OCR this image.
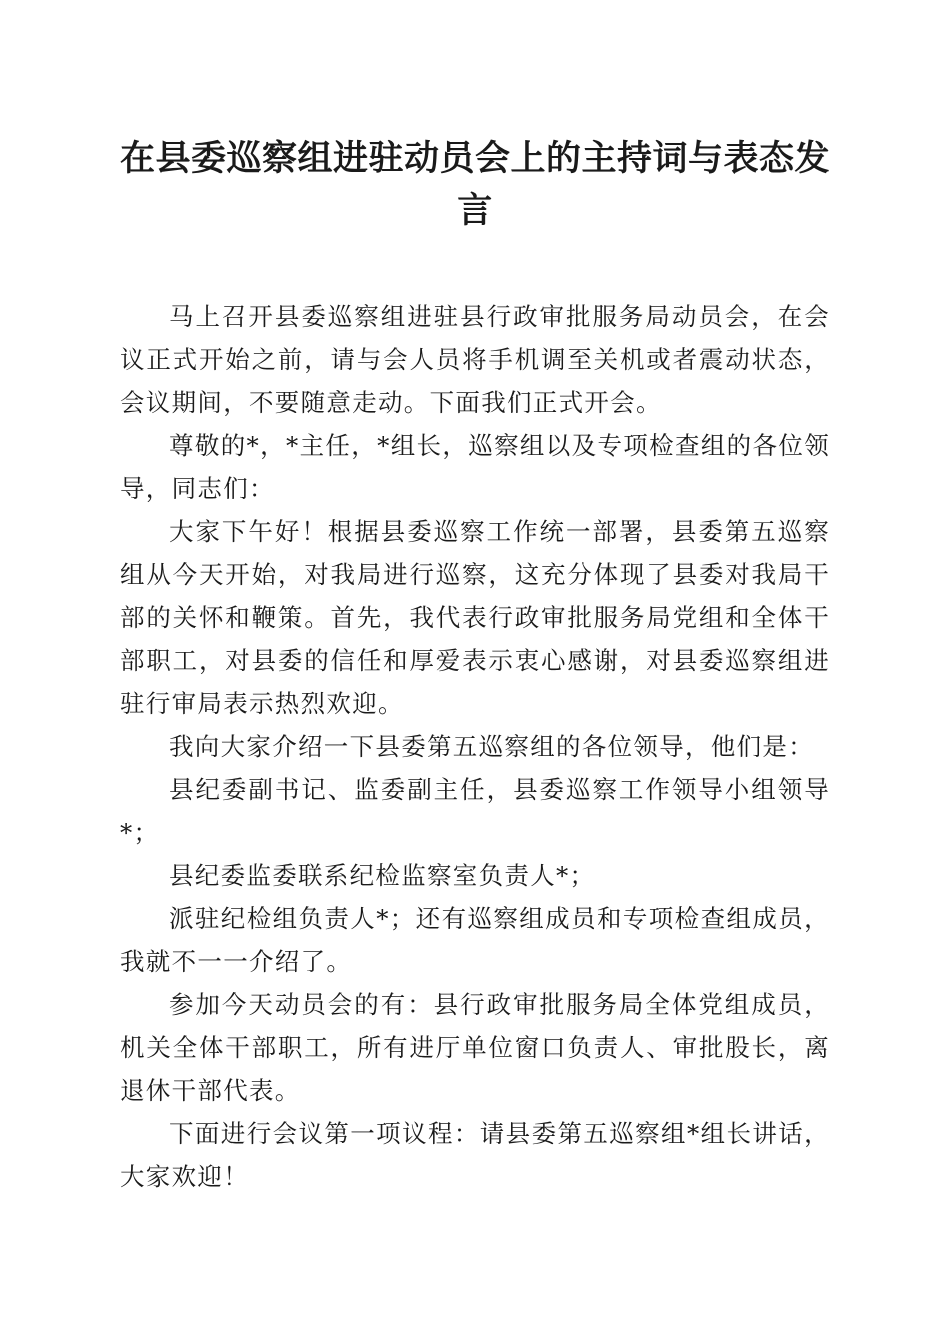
在县委巡察组进驻动员会上的主持词与表态发言

马上召开县委巡察组进驻县行政审批服务局动员会，在会议正式开始之前，请与会人员将手机调至关机或者震动状态，会议期间，不要随意走动。下面我们正式开会。

尊敬的*，*主任，*组长，巡察组以及专项检查组的各位领导，同志们：

大家下午好！根据县委巡察工作统一部署，县委第五巡察组从今天开始，对我局进行巡察，这充分体现了县委对我局干部的关怀和鞭策。首先，我代表行政审批服务局党组和全体干部职工，对县委的信任和厚爱表示衷心感谢，对县委巡察组进驻行审局表示热烈欢迎。

我向大家介绍一下县委第五巡察组的各位领导，他们是：

县纪委副书记、监委副主任，县委巡察工作领导小组领导*；

县纪委监委联系纪检监察室负责人*；

派驻纪检组负责人*；还有巡察组成员和专项检查组成员，我就不一一介绍了。

参加今天动员会的有：县行政审批服务局全体党组成员，机关全体干部职工，所有进厅单位窗口负责人、审批股长，离退休干部代表。

下面进行会议第一项议程：请县委第五巡察组*组长讲话，大家欢迎！
